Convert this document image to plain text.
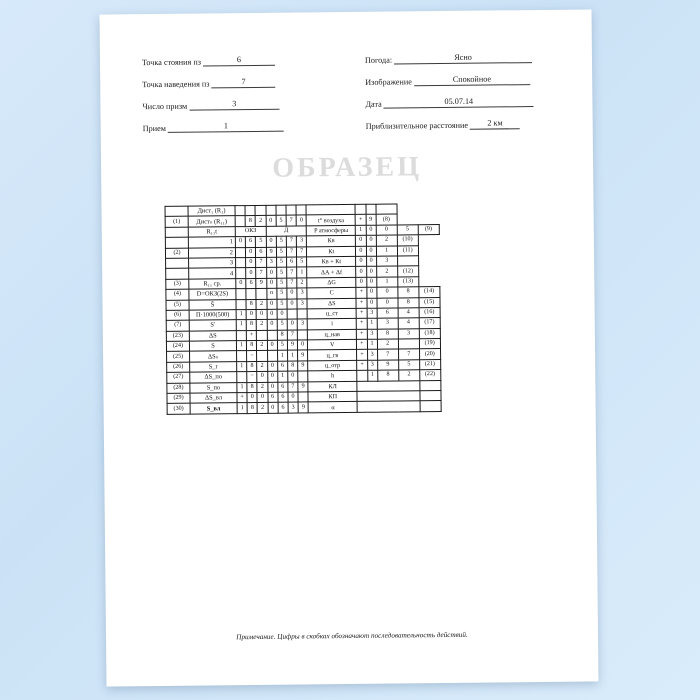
Точка стояния пз	6
Точка наведения пз	7
Число призм	3
Прием	1
Погода:	Ясно
Изображение	Спокойное
Дата	05.07.14
Приблизительное расстояние 2 км
ОБРАЗЕЦ
	Дист₁ (R₁)													
(1)	Дистₙ (R₁₁)		8	2	0	5	7	0	t° воздуха	+	9	(8)		
	R₁₁t	ОКЗ			Д				P атмосферы	1	0	0	5	(9)
	1	0	6	5	0	5	7	3	Кв	0	0	2	(10)	
(2)	2		0	6	9	5	7	7	Кt	0	0	1	(11)	
	3		0	7	3	5	6	5	Кв + Кt	0	0	3		
	4		0	7	0	5	7	1	ΔА + Δf	0	0	2	(12)	
(3)	R₁₁ ср.	0	6	9	0	5	7	2	ΔG	0	0	1	(13)	
(4)	D=ОКЗ(2S)				n	5	0	3	C	+	0	0	8	(14)
(5)	Ŝ		8	2	0	5	0	3	ΔS	+	0	0	8	(15)
(6)	П·1000(500)	1	0	0	0	0			ц_ст	+	3	6	4	(16)
(7)	S'	1	8	2	0	5	0	3	i	+	1	3	4	(17)
(23)	ΔS		+			8	7		ц_нав	+	3	8	3	(18)
(24)	S	1	8	2	0	5	9	0	V	+	1	2		(19)
(25)	ΔSₙ		−			1	1	9	ц_гв	+	3	7	7	(20)
(26)	S_r	1	8	2	0	6	8	9	ц_отр	+	3	9	5	(21)
(27)	ΔS_по		−	0	0	1	0		h		1	8	2	(22)
(28)	S_по	1	8	2	0	6	7	9	КЛ					
(29)	ΔS_вл	+	0	0	6	6	0		КП					
(30)	S_вл	1	8	2	0	6	3	9	α					
Примечание. Цифры в скобках обозначают последовательность действий.
